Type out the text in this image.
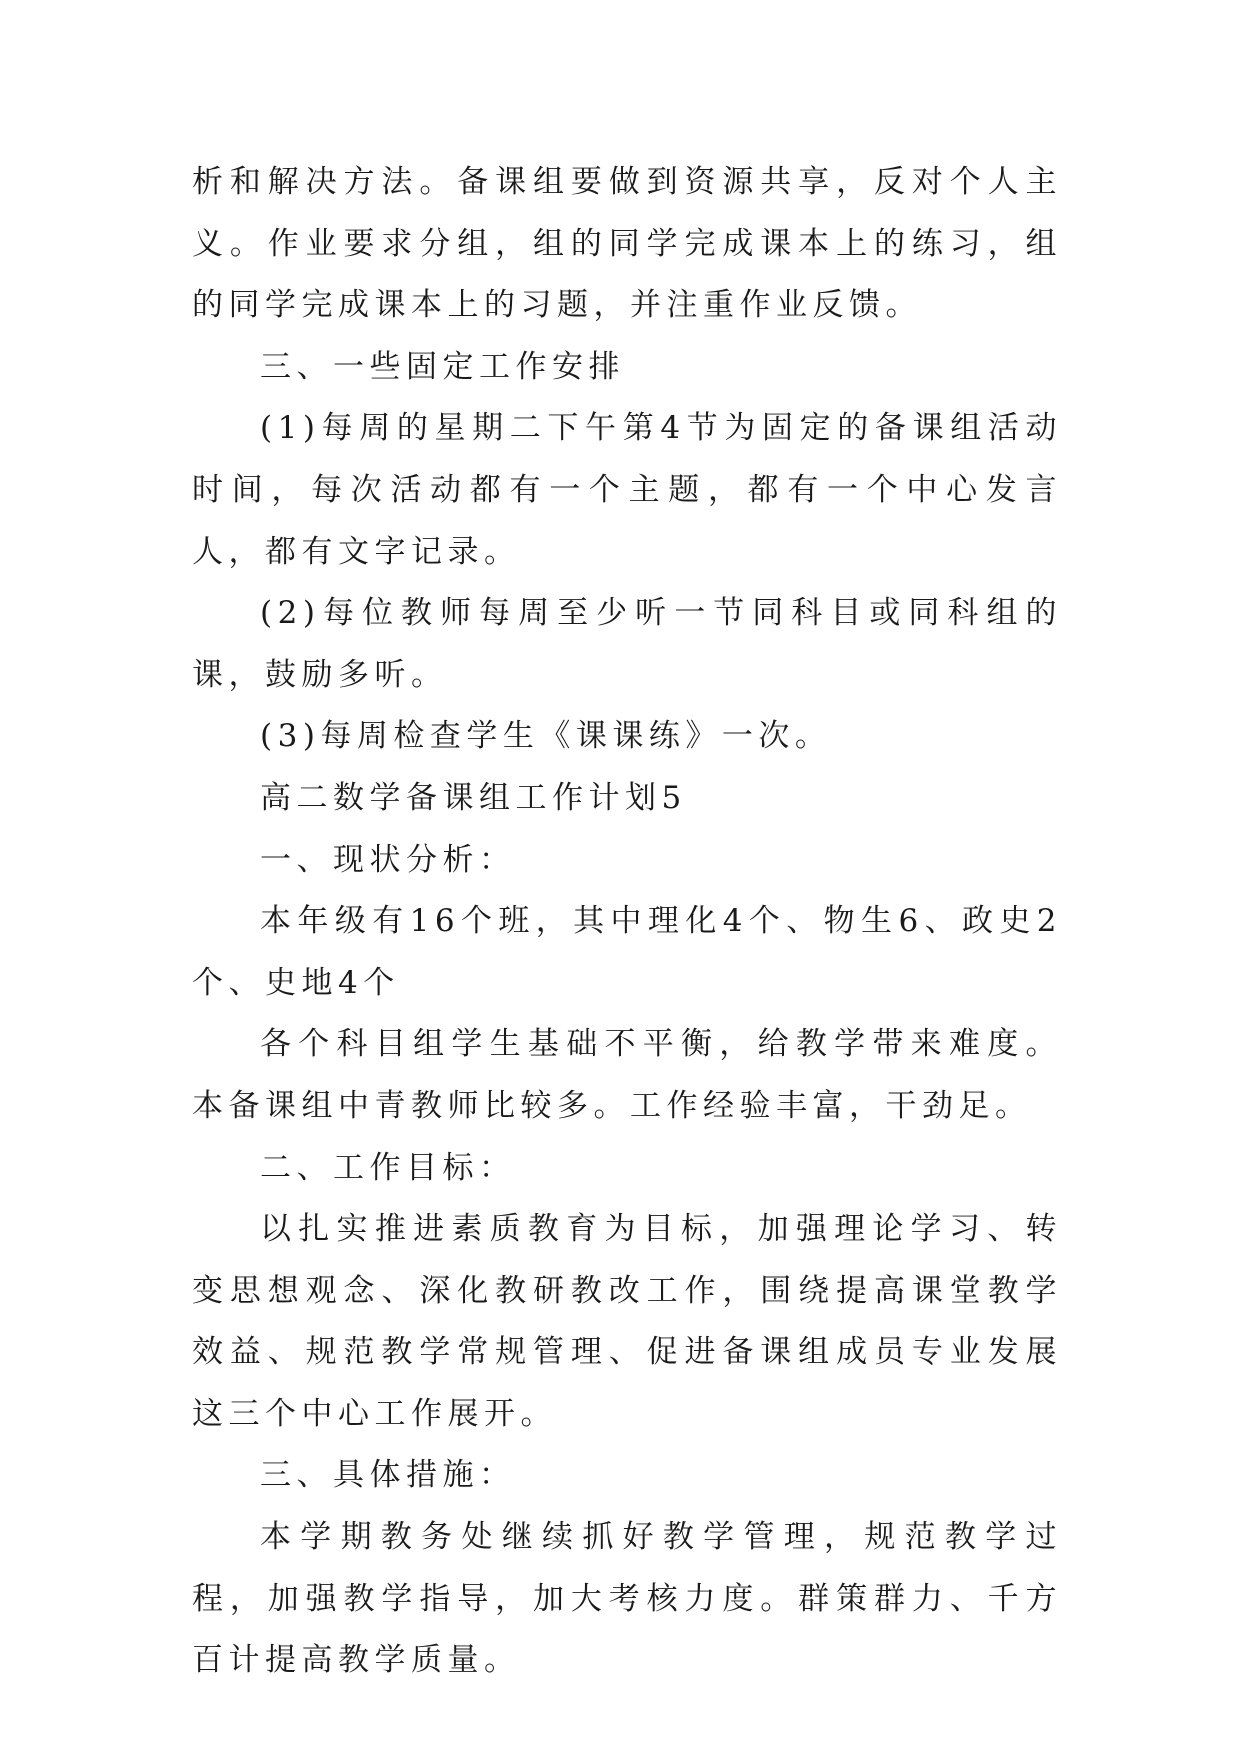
析和解决方法。备课组要做到资源共享，反对个人主义。作业要求分组，组的同学完成课本上的练习，组的同学完成课本上的习题，并注重作业反馈。

三、一些固定工作安排

(1)每周的星期二下午第4节为固定的备课组活动时间，每次活动都有一个主题，都有一个中心发言人，都有文字记录。

(2)每位教师每周至少听一节同科目或同科组的课，鼓励多听。

(3)每周检查学生《课课练》一次。

高二数学备课组工作计划5

一、现状分析：

本年级有16个班，其中理化4个、物生6、政史2个、史地4个

各个科目组学生基础不平衡，给教学带来难度。本备课组中青教师比较多。工作经验丰富，干劲足。

二、工作目标：

以扎实推进素质教育为目标，加强理论学习、转变思想观念、深化教研教改工作，围绕提高课堂教学效益、规范教学常规管理、促进备课组成员专业发展这三个中心工作展开。

三、具体措施：

本学期教务处继续抓好教学管理，规范教学过程，加强教学指导，加大考核力度。群策群力、千方百计提高教学质量。
